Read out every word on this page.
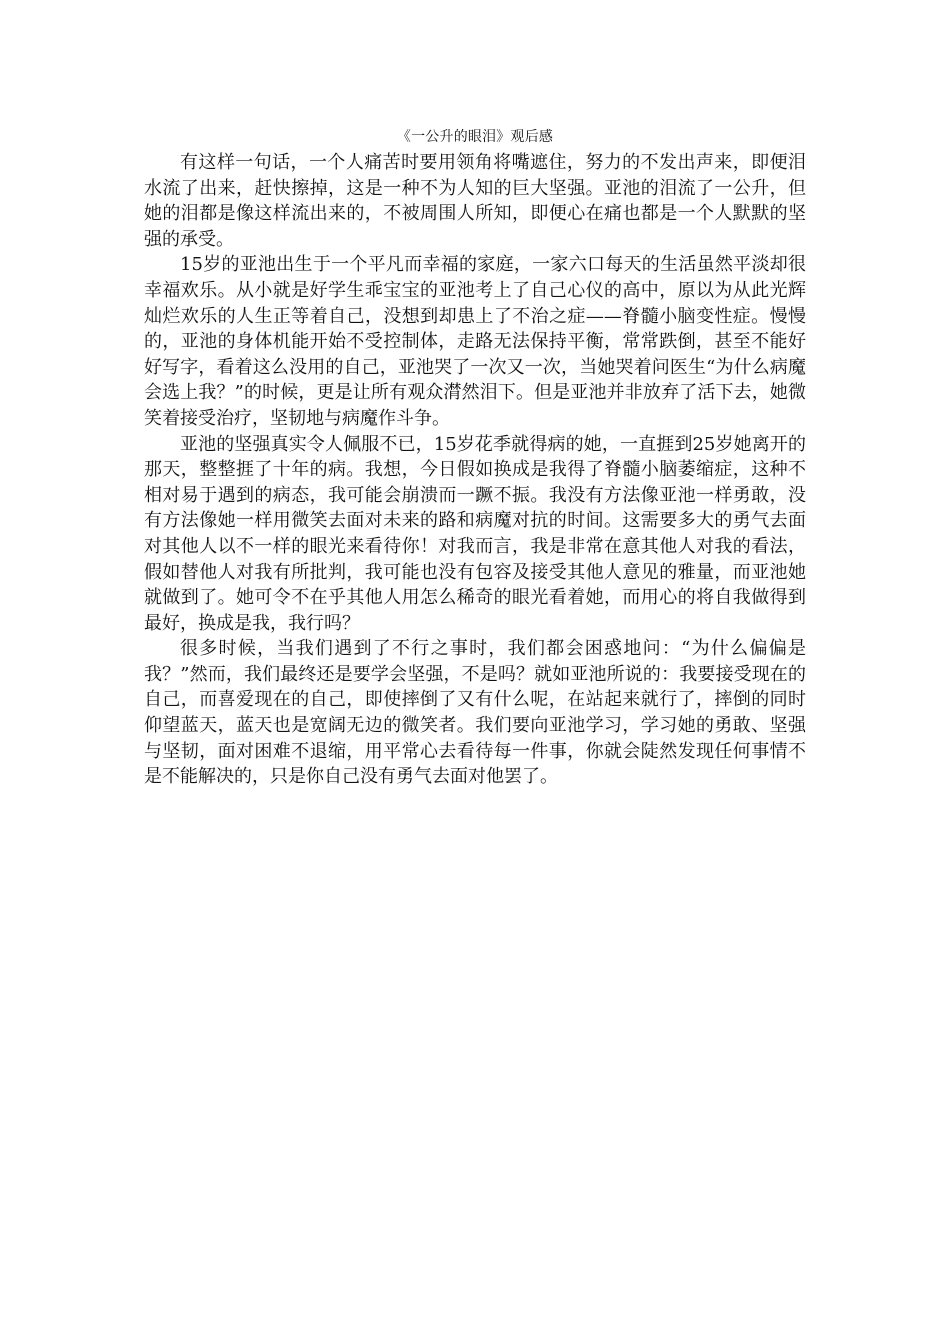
《一公升的眼泪》观后感

有这样一句话，一个人痛苦时要用领角将嘴遮住，努力的不发出声来，即便泪水流了出来，赶快擦掉，这是一种不为人知的巨大坚强。亚池的泪流了一公升，但她的泪都是像这样流出来的，不被周围人所知，即便心在痛也都是一个人默默的坚强的承受。

15岁的亚池出生于一个平凡而幸福的家庭，一家六口每天的生活虽然平淡却很幸福欢乐。从小就是好学生乖宝宝的亚池考上了自己心仪的高中，原以为从此光辉灿烂欢乐的人生正等着自己，没想到却患上了不治之症——脊髓小脑变性症。慢慢的，亚池的身体机能开始不受控制体，走路无法保持平衡，常常跌倒，甚至不能好好写字，看着这么没用的自己，亚池哭了一次又一次，当她哭着问医生“为什么病魔会选上我？”的时候，更是让所有观众潸然泪下。但是亚池并非放弃了活下去，她微笑着接受治疗，坚韧地与病魔作斗争。

亚池的坚强真实令人佩服不已，15岁花季就得病的她，一直捱到25岁她离开的那天，整整捱了十年的病。我想，今日假如换成是我得了脊髓小脑萎缩症，这种不相对易于遇到的病态，我可能会崩溃而一蹶不振。我没有方法像亚池一样勇敢，没有方法像她一样用微笑去面对未来的路和病魔对抗的时间。这需要多大的勇气去面对其他人以不一样的眼光来看待你！对我而言，我是非常在意其他人对我的看法，假如替他人对我有所批判，我可能也没有包容及接受其他人意见的雅量，而亚池她就做到了。她可令不在乎其他人用怎么稀奇的眼光看着她，而用心的将自我做得到最好，换成是我，我行吗？

很多时候，当我们遇到了不行之事时，我们都会困惑地问：“为什么偏偏是我？”然而，我们最终还是要学会坚强，不是吗？就如亚池所说的：我要接受现在的自己，而喜爱现在的自己，即使摔倒了又有什么呢，在站起来就行了，摔倒的同时仰望蓝天，蓝天也是宽阔无边的微笑者。我们要向亚池学习，学习她的勇敢、坚强与坚韧，面对困难不退缩，用平常心去看待每一件事，你就会陡然发现任何事情不是不能解决的，只是你自己没有勇气去面对他罢了。
